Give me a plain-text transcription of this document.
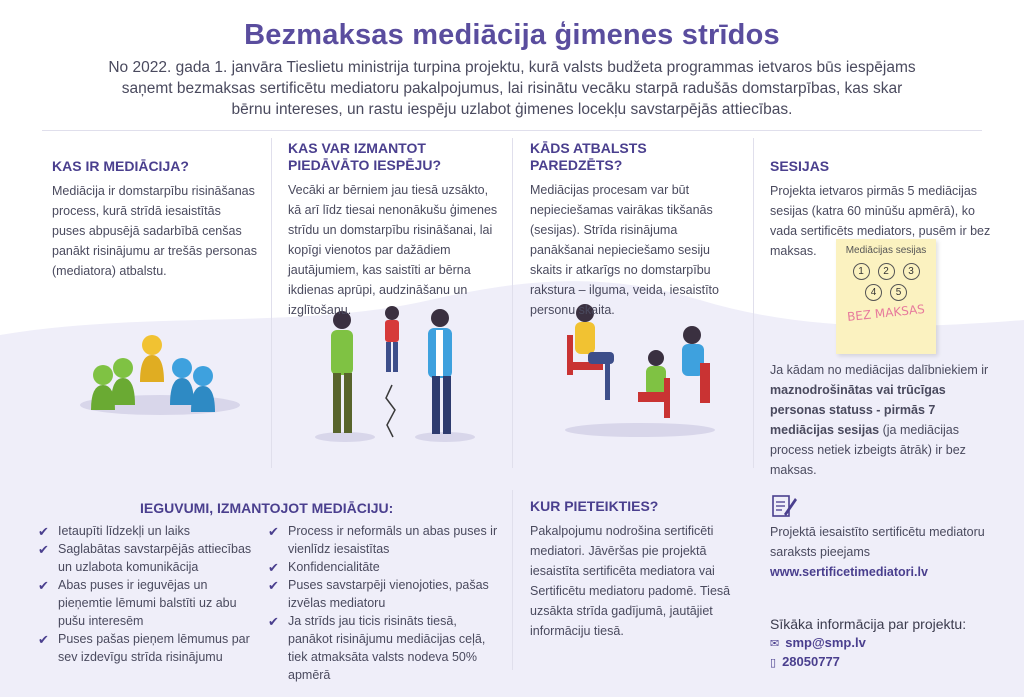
Bezmaksas mediācija ģimenes strīdos

No 2022. gada 1. janvāra Tieslietu ministrija turpina projektu, kurā valsts budžeta programmas ietvaros būs iespējams saņemt bezmaksas sertificētu mediatoru pakalpojumus, lai risinātu vecāku starpā radušās domstarpības, kas skar bērnu intereses, un rastu iespēju uzlabot ģimenes locekļu savstarpējās attiecības.

KAS IR MEDIĀCIJA?

Mediācija ir domstarpību risināšanas process, kurā strīdā iesaistītās puses abpusējā sadarbībā cenšas panākt risinājumu ar trešās personas (mediatora) atbalstu.

KAS VAR IZMANTOT PIEDĀVĀTO IESPĒJU?

Vecāki ar bērniem jau tiesā uzsākto, kā arī līdz tiesai nenonākušu ģimenes strīdu un domstarpību risināšanai, lai kopīgi vienotos par dažādiem jautājumiem, kas saistīti ar bērna ikdienas aprūpi, audzināšanu un izglītošanu.

KĀDS ATBALSTS PAREDZĒTS?

Mediācijas procesam var būt nepieciešamas vairākas tikšanās (sesijas). Strīda risinājuma panākšanai nepieciešamo sesiju skaits ir atkarīgs no domstarpību rakstura – ilguma, veida, iesaistīto personu skaita.

SESIJAS

Projekta ietvaros pirmās 5 mediācijas sesijas (katra 60 minūšu apmērā), ko vada sertificēts mediators, pusēm ir bez maksas.	Mediācijas sesijas
1	2	3
4	5
BEZ MAKSAS
Ja kādam no mediācijas dalībniekiem ir maznodrošinātas vai trūcīgas personas statuss - pirmās 7 mediācijas sesijas (ja mediācijas process netiek izbeigts ātrāk) ir bez maksas.
IEGUVUMI, IZMANTOJOT MEDIĀCIJU:
✔ Ietaupīti līdzekļi un laiks
✔ Saglabātas savstarpējās attiecības un uzlabota komunikācija
✔ Abas puses ir ieguvējas un pieņemtie lēmumi balstīti uz abu pušu interesēm
✔ Puses pašas pieņem lēmumus par sev izdevīgu strīda risinājumu
✔ Process ir neformāls un abas puses ir vienlīdz iesaistītas
✔ Konfidencialitāte
✔ Puses savstarpēji vienojoties, pašas izvēlas mediatoru
✔ Ja strīds jau ticis risināts tiesā, panākot risinājumu mediācijas ceļā, tiek atmaksāta valsts nodeva 50% apmērā
KUR PIETEIKTIES?

Pakalpojumu nodrošina sertificēti mediatori. Jāvēršas pie projektā iesaistīta sertificēta mediatora vai Sertificētu mediatoru padomē. Tiesā uzsākta strīda gadījumā, jautājiet informāciju tiesā.

Projektā iesaistīto sertificētu mediatoru saraksts pieejams
www.sertificetimediatori.lv
Sīkāka informācija par projektu:
✉ smp@smp.lv
▯ 28050777
